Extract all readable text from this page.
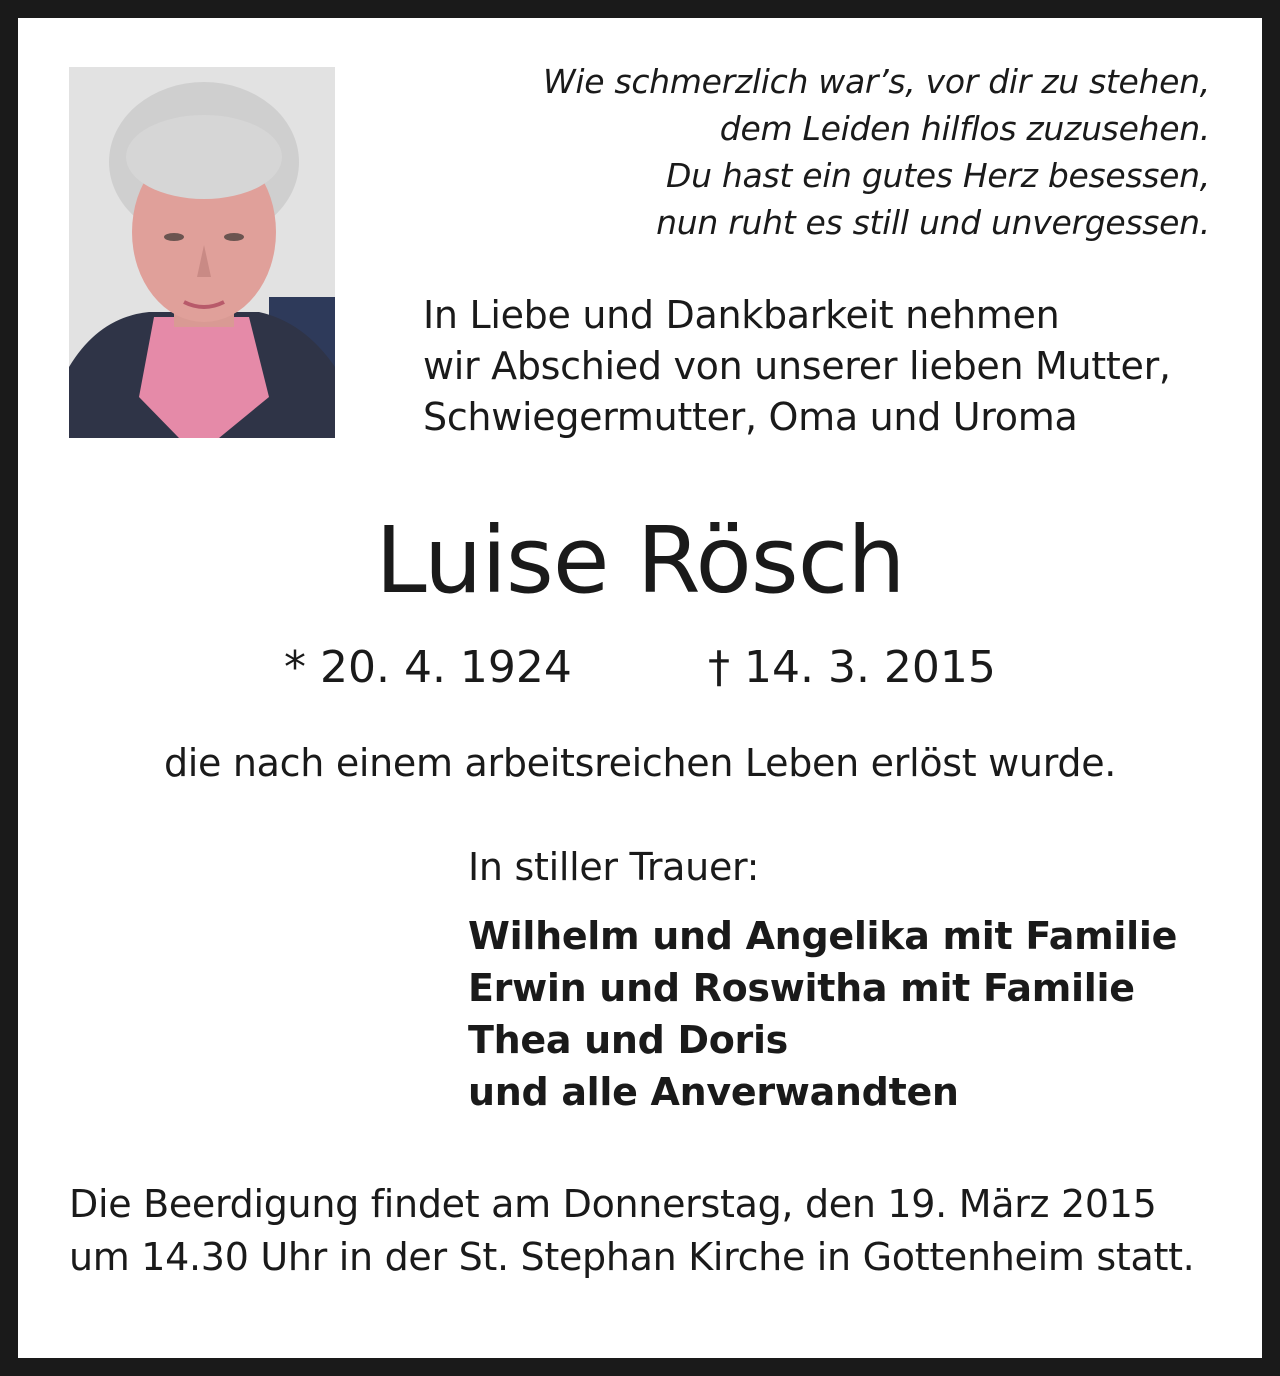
Wie schmerzlich war’s, vor dir zu stehen,
dem Leiden hilflos zuzusehen.
Du hast ein gutes Herz besessen,
nun ruht es still und unvergessen.
In Liebe und Dankbarkeit nehmen
wir Abschied von unserer lieben Mutter,
Schwiegermutter, Oma und Uroma
Luise Rösch
* 20. 4. 1924	† 14. 3. 2015
die nach einem arbeitsreichen Leben erlöst wurde.
In stiller Trauer:
Wilhelm und Angelika mit Familie
Erwin und Roswitha mit Familie
Thea und Doris
und alle Anverwandten
Die Beerdigung findet am Donnerstag, den 19. März 2015
um 14.30 Uhr in der St. Stephan Kirche in Gottenheim statt.
